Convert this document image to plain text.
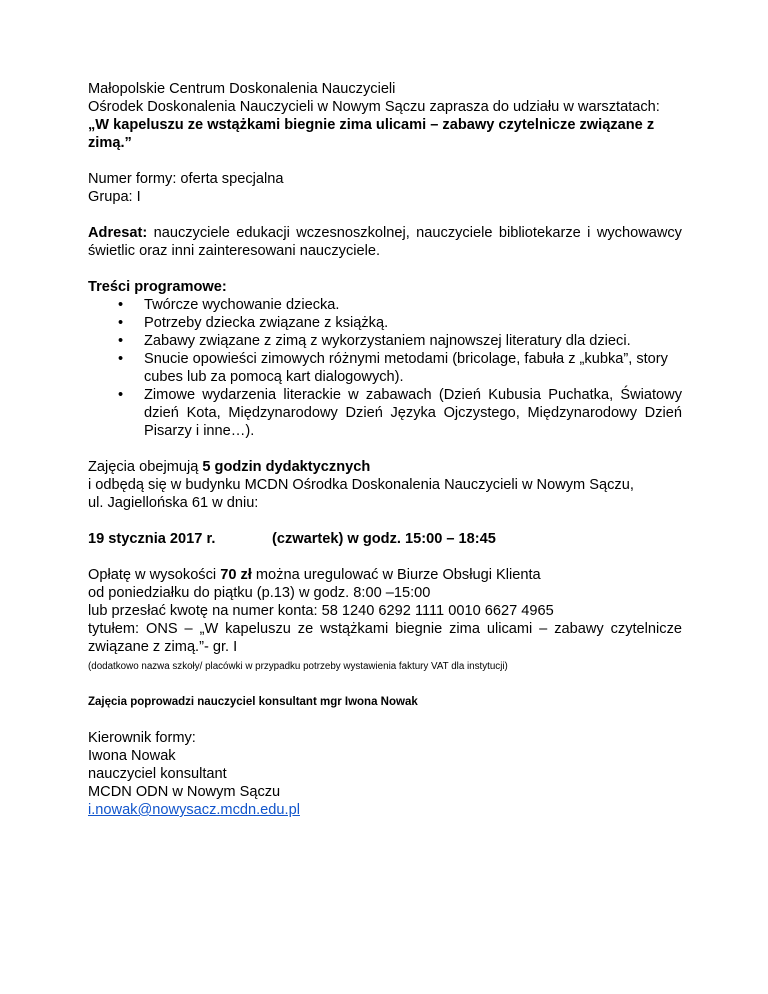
Małopolskie Centrum Doskonalenia Nauczycieli

Ośrodek Doskonalenia Nauczycieli w Nowym Sączu zaprasza do udziału w warsztatach:

„W kapeluszu ze wstążkami biegnie zima ulicami – zabawy czytelnicze związane z zimą.”

Numer formy: oferta specjalna

Grupa: I

Adresat: nauczyciele edukacji wczesnoszkolnej, nauczyciele bibliotekarze i wychowawcy

świetlic oraz inni zainteresowani nauczyciele.

Treści programowe:

• Twórcze wychowanie dziecka.
• Potrzeby dziecka związane z książką.
• Zabawy związane z zimą z wykorzystaniem najnowszej literatury dla dzieci.
• Snucie opowieści zimowych różnymi metodami (bricolage, fabuła z „kubka”, story cubes lub za pomocą kart dialogowych).
• Zimowe wydarzenia literackie w zabawach (Dzień Kubusia Puchatka, Światowy dzień Kota, Międzynarodowy Dzień Języka Ojczystego, Międzynarodowy Dzień Pisarzy i inne…).

Zajęcia obejmują 5 godzin dydaktycznych

i odbędą się w budynku MCDN Ośrodka Doskonalenia Nauczycieli w Nowym Sączu,

ul. Jagiellońska 61 w dniu:

19 stycznia 2017 r.	(czwartek) w godz. 15:00 – 18:45

Opłatę w wysokości 70 zł można uregulować w Biurze Obsługi Klienta

od poniedziałku do piątku (p.13) w godz. 8:00 –15:00

lub przesłać kwotę na numer konta: 58 1240 6292 1111 0010 6627 4965

tytułem: ONS – „W kapeluszu ze wstążkami biegnie zima ulicami – zabawy czytelnicze

związane z zimą.”- gr. I

(dodatkowo nazwa szkoły/ placówki w przypadku potrzeby wystawienia faktury VAT dla instytucji)

Zajęcia poprowadzi nauczyciel konsultant mgr Iwona Nowak

Kierownik formy:

Iwona Nowak

nauczyciel konsultant

MCDN ODN w Nowym Sączu

i.nowak@nowysacz.mcdn.edu.pl
